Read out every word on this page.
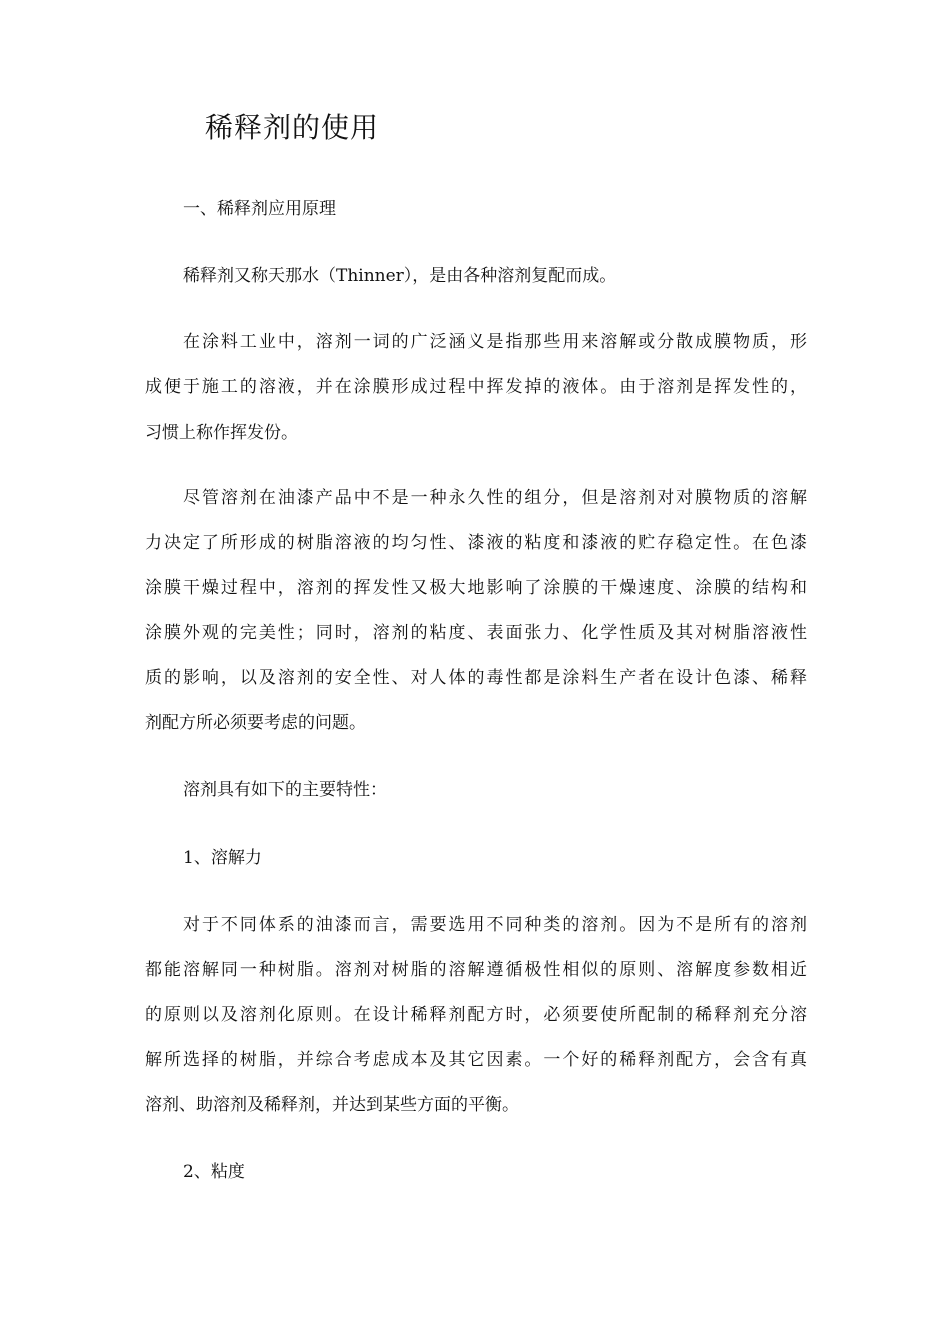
稀释剂的使用
一、稀释剂应用原理
稀释剂又称天那水（Thinner），是由各种溶剂复配而成。
在涂料工业中，溶剂一词的广泛涵义是指那些用来溶解或分散成膜物质，形
成便于施工的溶液，并在涂膜形成过程中挥发掉的液体。由于溶剂是挥发性的，
习惯上称作挥发份。
尽管溶剂在油漆产品中不是一种永久性的组分，但是溶剂对对膜物质的溶解
力决定了所形成的树脂溶液的均匀性、漆液的粘度和漆液的贮存稳定性。在色漆
涂膜干燥过程中，溶剂的挥发性又极大地影响了涂膜的干燥速度、涂膜的结构和
涂膜外观的完美性；同时，溶剂的粘度、表面张力、化学性质及其对树脂溶液性
质的影响，以及溶剂的安全性、对人体的毒性都是涂料生产者在设计色漆、稀释
剂配方所必须要考虑的问题。
溶剂具有如下的主要特性：
1、溶解力
对于不同体系的油漆而言，需要选用不同种类的溶剂。因为不是所有的溶剂
都能溶解同一种树脂。溶剂对树脂的溶解遵循极性相似的原则、溶解度参数相近
的原则以及溶剂化原则。在设计稀释剂配方时，必须要使所配制的稀释剂充分溶
解所选择的树脂，并综合考虑成本及其它因素。一个好的稀释剂配方，会含有真
溶剂、助溶剂及稀释剂，并达到某些方面的平衡。
2、粘度
